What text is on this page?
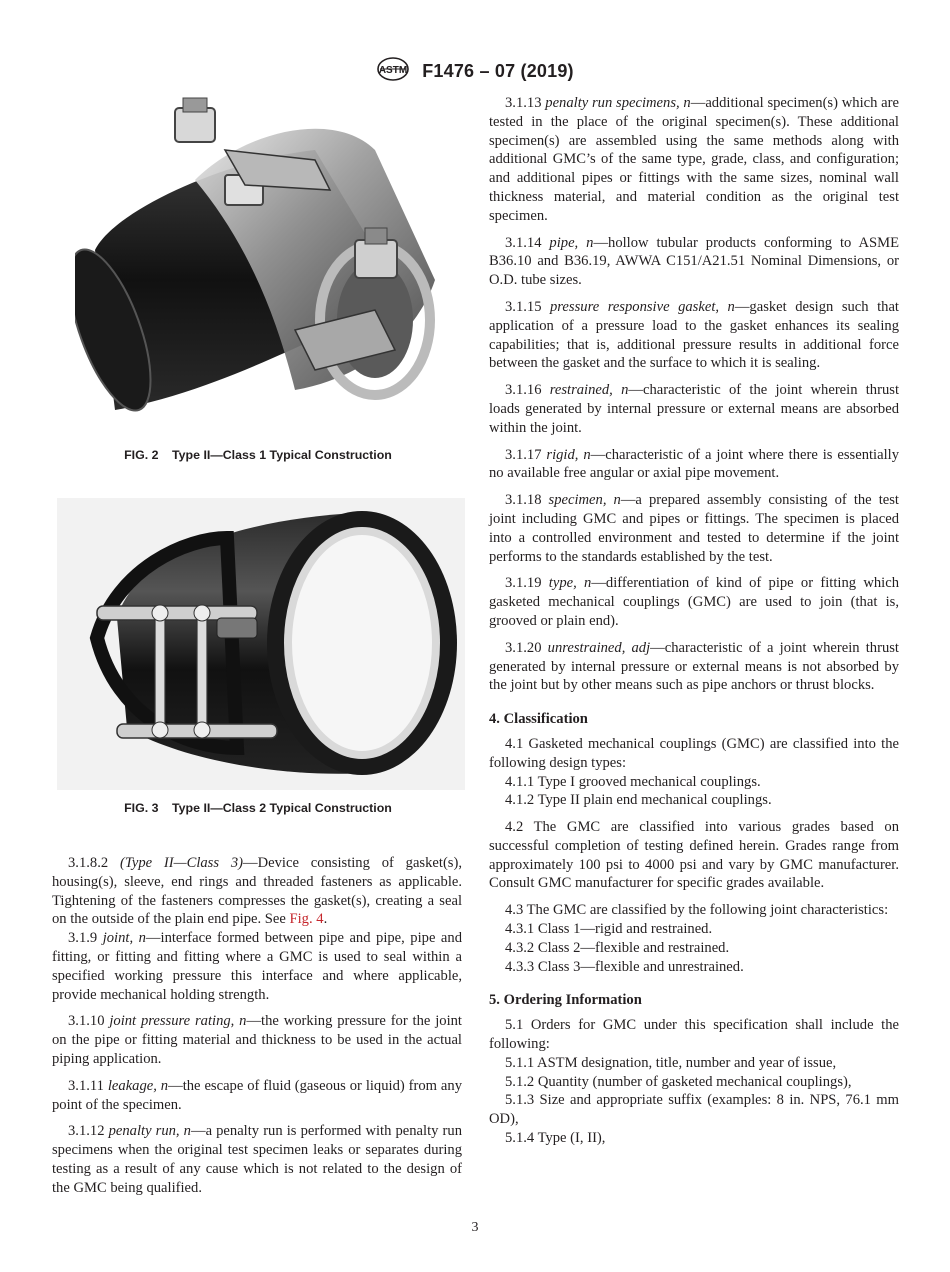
ASTM F1476 – 07 (2019)
FIG. 2 Type II—Class 1 Typical Construction
FIG. 3 Type II—Class 2 Typical Construction

3.1.8.2 (Type II—Class 3)—Device consisting of gasket(s), housing(s), sleeve, end rings and threaded fasteners as applicable. Tightening of the fasteners compresses the gasket(s), creating a seal on the outside of the plain end pipe. See Fig. 4.

3.1.9 joint, n—interface formed between pipe and pipe, pipe and fitting, or fitting and fitting where a GMC is used to seal within a specified working pressure this interface and where applicable, provide mechanical holding strength.

3.1.10 joint pressure rating, n—the working pressure for the joint on the pipe or fitting material and thickness to be used in the actual piping application.

3.1.11 leakage, n—the escape of fluid (gaseous or liquid) from any point of the specimen.

3.1.12 penalty run, n—a penalty run is performed with penalty run specimens when the original test specimen leaks or separates during testing as a result of any cause which is not related to the design of the GMC being qualified.

3.1.13 penalty run specimens, n—additional specimen(s) which are tested in the place of the original specimen(s). These additional specimen(s) are assembled using the same methods along with additional GMC’s of the same type, grade, class, and configuration; and additional pipes or fittings with the same sizes, nominal wall thickness material, and material condition as the original test specimen.

3.1.14 pipe, n—hollow tubular products conforming to ASME B36.10 and B36.19, AWWA C151/A21.51 Nominal Dimensions, or O.D. tube sizes.

3.1.15 pressure responsive gasket, n—gasket design such that application of a pressure load to the gasket enhances its sealing capabilities; that is, additional pressure results in additional force between the gasket and the surface to which it is sealing.

3.1.16 restrained, n—characteristic of the joint wherein thrust loads generated by internal pressure or external means are absorbed within the joint.

3.1.17 rigid, n—characteristic of a joint where there is essentially no available free angular or axial pipe movement.

3.1.18 specimen, n—a prepared assembly consisting of the test joint including GMC and pipes or fittings. The specimen is placed into a controlled environment and tested to determine if the joint performs to the standards established by the test.

3.1.19 type, n—differentiation of kind of pipe or fitting which gasketed mechanical couplings (GMC) are used to join (that is, grooved or plain end).

3.1.20 unrestrained, adj—characteristic of a joint wherein thrust generated by internal pressure or external means is not absorbed by the joint but by other means such as pipe anchors or thrust blocks.

4. Classification

4.1 Gasketed mechanical couplings (GMC) are classified into the following design types:

4.1.1 Type I grooved mechanical couplings.

4.1.2 Type II plain end mechanical couplings.

4.2 The GMC are classified into various grades based on successful completion of testing defined herein. Grades range from approximately 100 psi to 4000 psi and vary by GMC manufacturer. Consult GMC manufacturer for specific grades available.

4.3 The GMC are classified by the following joint characteristics:

4.3.1 Class 1—rigid and restrained.

4.3.2 Class 2—flexible and restrained.

4.3.3 Class 3—flexible and unrestrained.

5. Ordering Information

5.1 Orders for GMC under this specification shall include the following:

5.1.1 ASTM designation, title, number and year of issue,

5.1.2 Quantity (number of gasketed mechanical couplings),

5.1.3 Size and appropriate suffix (examples: 8 in. NPS, 76.1 mm OD),

5.1.4 Type (I, II),

3
